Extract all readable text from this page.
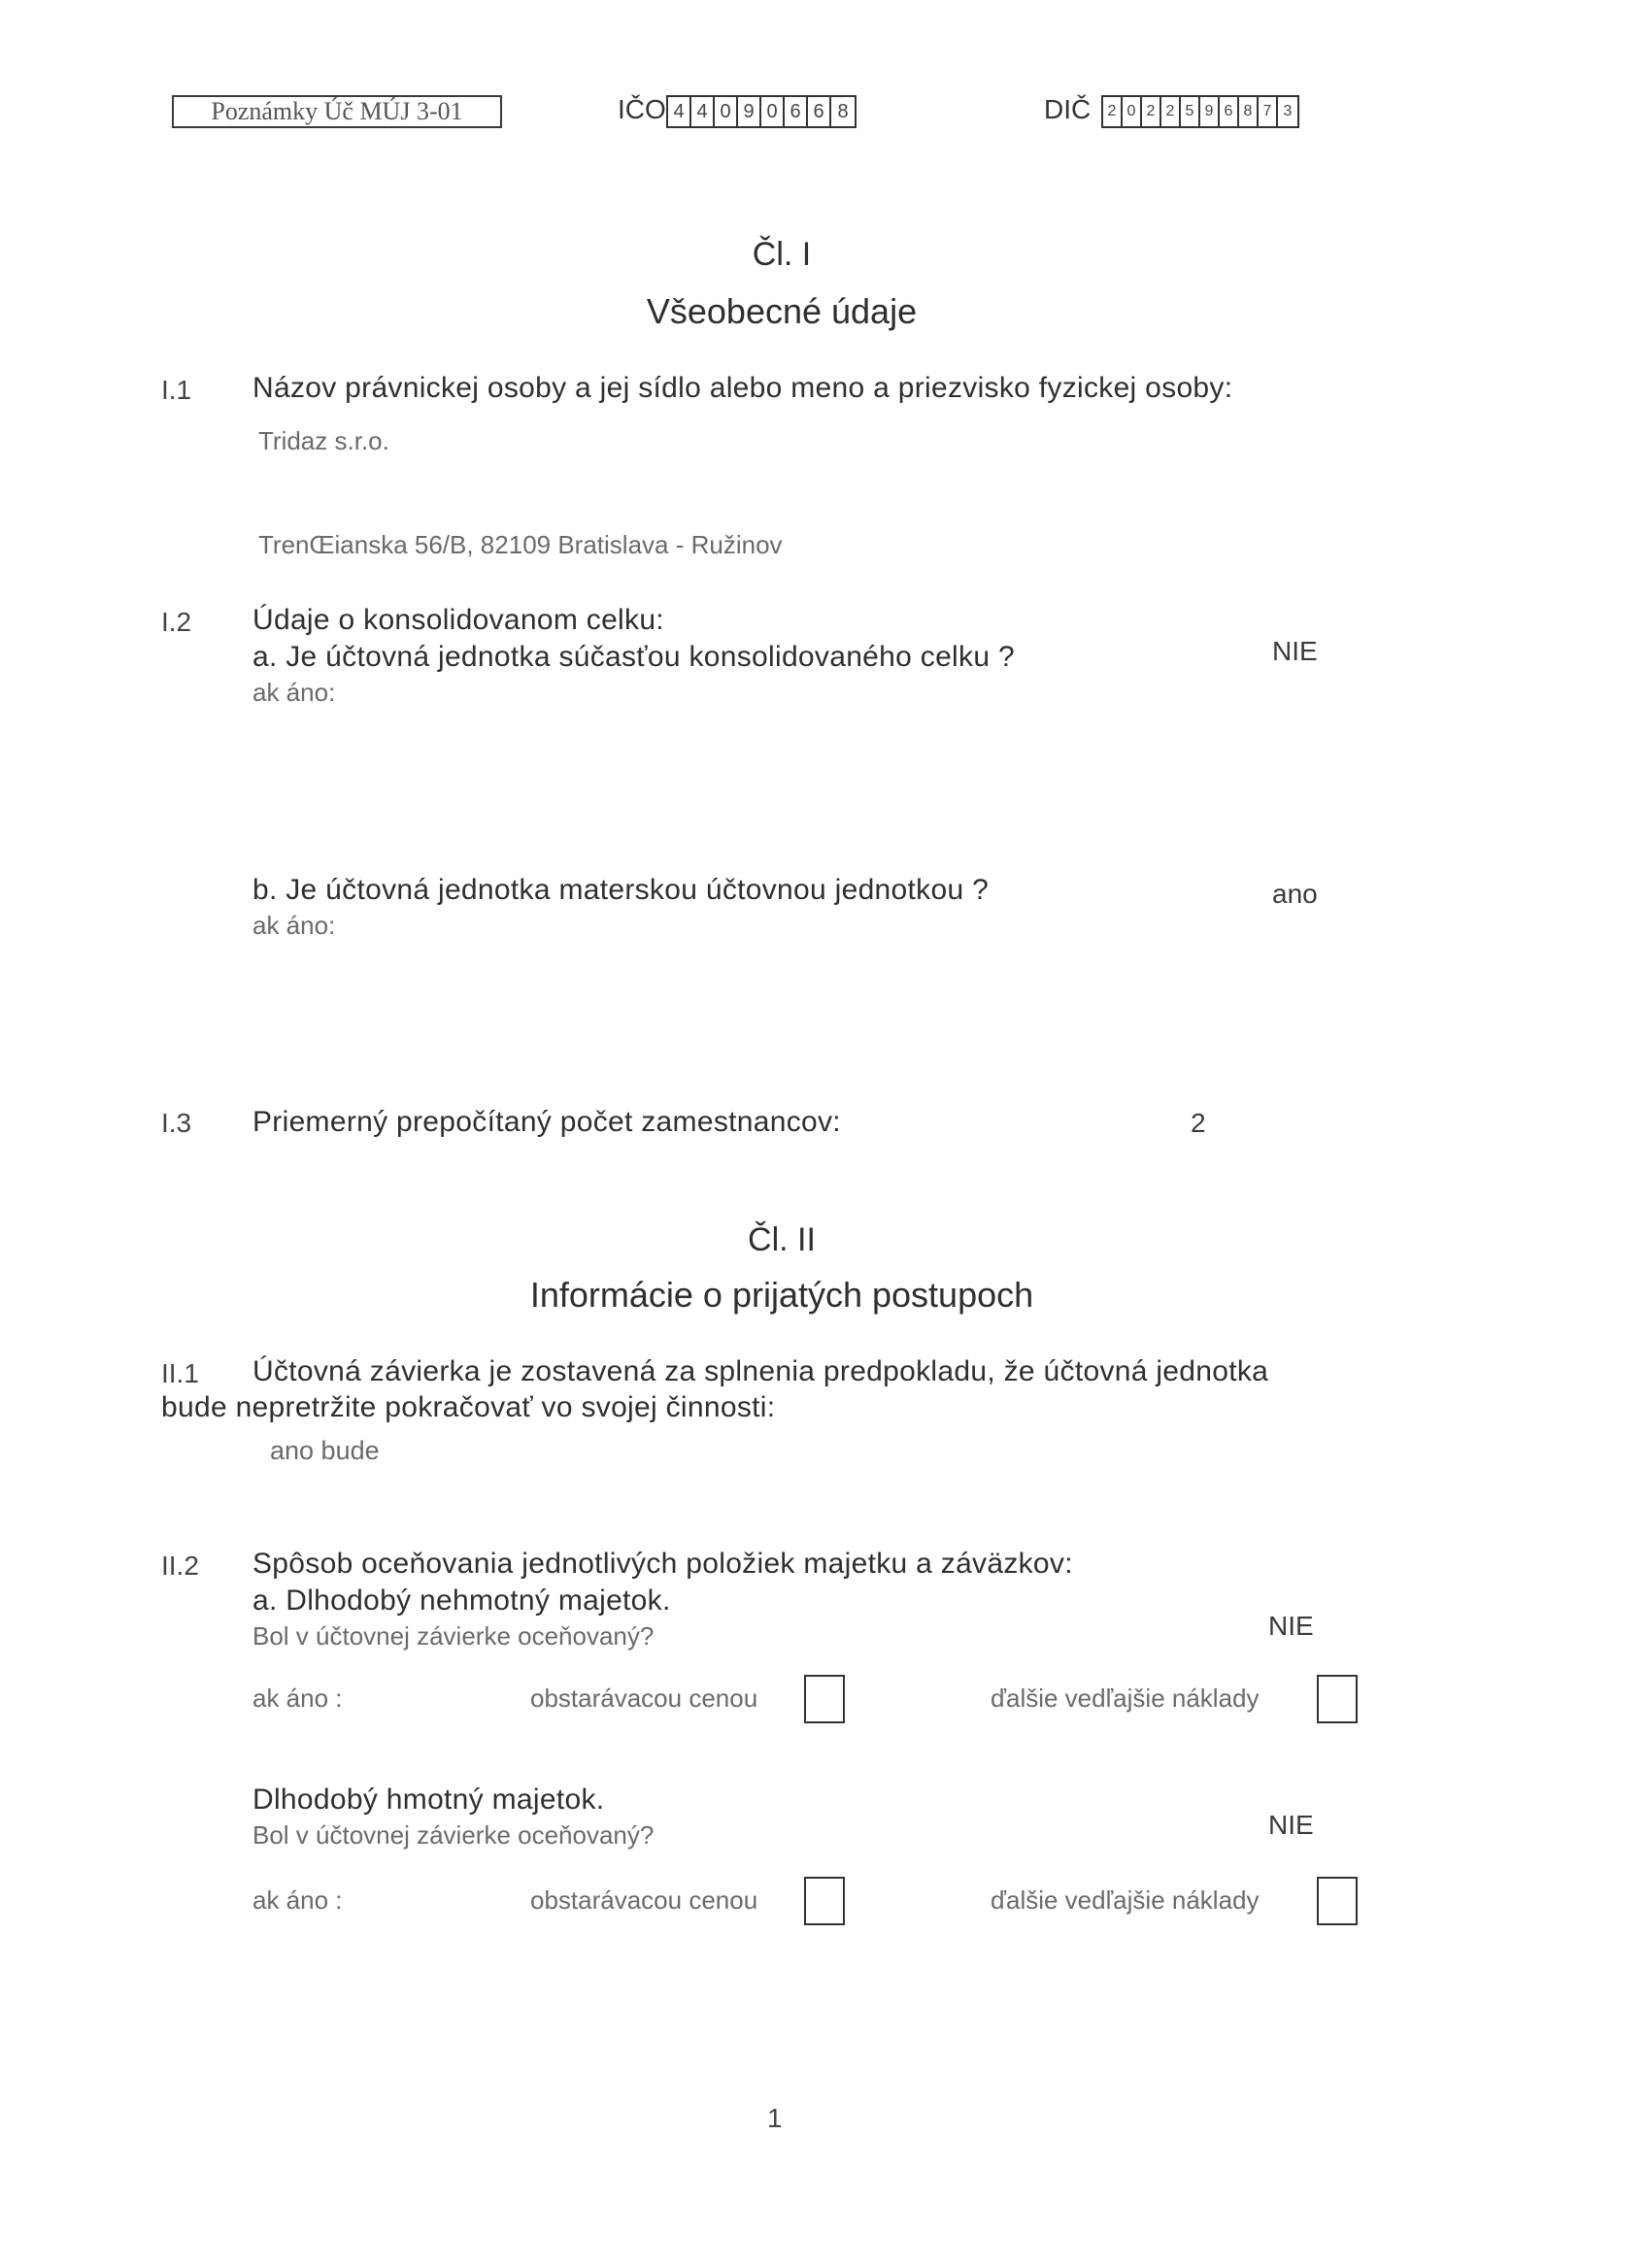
Poznámky Úč MÚJ 3-01	IČO 4 4 0 9 0 6 6 8	DIČ 2 0 2 2 5 9 6 8 7 3
Čl. I
Všeobecné údaje
I.1 Názov právnickej osoby a jej sídlo alebo meno a priezvisko fyzickej osoby:
Tridaz s.r.o.
TrenŒianska 56/B, 82109 Bratislava - Ružinov
I.2 Údaje o konsolidovanom celku:
a. Je účtovná jednotka súčasťou konsolidovaného celku ?
ak áno:
NIE
b. Je účtovná jednotka materskou účtovnou jednotkou ?
ak áno:
ano
I.3 Priemerný prepočítaný počet zamestnancov:	2
Čl. II
Informácie o prijatých postupoch
II.1 Účtovná závierka je zostavená za splnenia predpokladu, že účtovná jednotka
bude nepretržite pokračovať vo svojej činnosti:
ano bude
II.2 Spôsob oceňovania jednotlivých položiek majetku a záväzkov:
a. Dlhodobý nehmotný majetok.
Bol v účtovnej závierke oceňovaný?	NIE
ak áno :	obstarávacou cenou	ďalšie vedľajšie náklady
Dlhodobý hmotný majetok.
Bol v účtovnej závierke oceňovaný?	NIE
ak áno :	obstarávacou cenou	ďalšie vedľajšie náklady
1
